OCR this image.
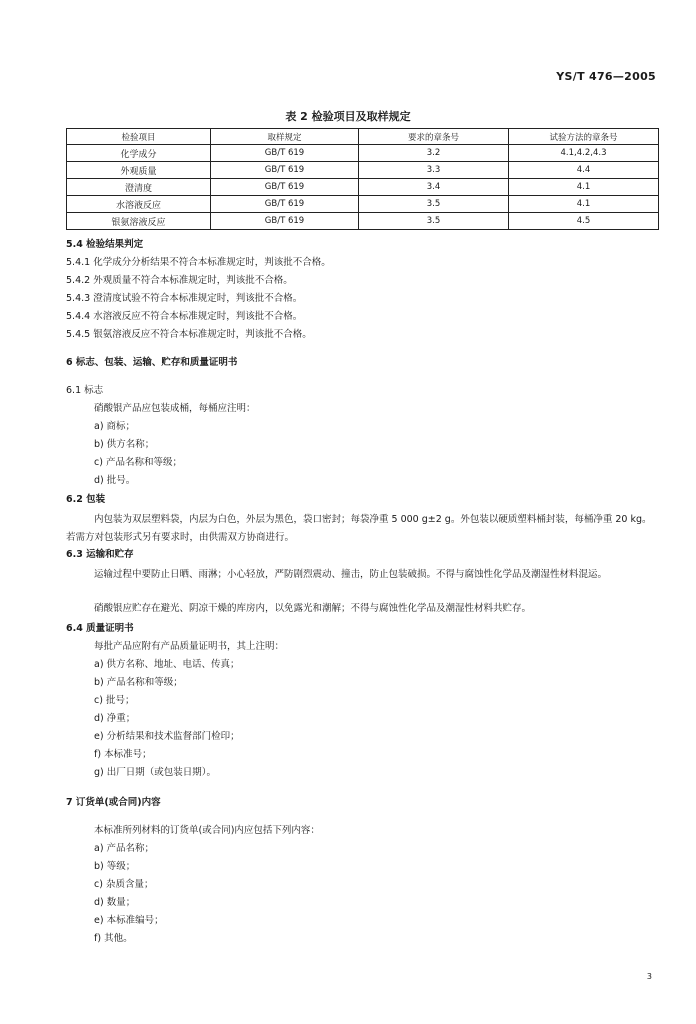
YS/T 476—2005
表 2 检验项目及取样规定
检验项目	取样规定	要求的章条号	试验方法的章条号
化学成分	GB/T 619	3.2	4.1,4.2,4.3
外观质量	GB/T 619	3.3	4.4
澄清度	GB/T 619	3.4	4.1
水溶液反应	GB/T 619	3.5	4.1
银氨溶液反应	GB/T 619	3.5	4.5
5.4 检验结果判定
5.4.1 化学成分分析结果不符合本标准规定时，判该批不合格。
5.4.2 外观质量不符合本标准规定时，判该批不合格。
5.4.3 澄清度试验不符合本标准规定时，判该批不合格。
5.4.4 水溶液反应不符合本标准规定时，判该批不合格。
5.4.5 银氨溶液反应不符合本标准规定时，判该批不合格。
6 标志、包装、运输、贮存和质量证明书
6.1 标志
硝酸银产品应包装成桶，每桶应注明：
a) 商标；
b) 供方名称；
c) 产品名称和等级；
d) 批号。
6.2 包装
内包装为双层塑料袋，内层为白色，外层为黑色，袋口密封；每袋净重 5 000 g±2 g。外包装以硬质塑料桶封装，每桶净重 20 kg。若需方对包装形式另有要求时，由供需双方协商进行。
6.3 运输和贮存
运输过程中要防止日晒、雨淋；小心轻放，严防剧烈震动、撞击，防止包装破损。不得与腐蚀性化学品及潮湿性材料混运。
硝酸银应贮存在避光、阴凉干燥的库房内，以免露光和潮解；不得与腐蚀性化学品及潮湿性材料共贮存。
6.4 质量证明书
每批产品应附有产品质量证明书，其上注明：
a) 供方名称、地址、电话、传真；
b) 产品名称和等级；
c) 批号；
d) 净重；
e) 分析结果和技术监督部门检印；
f) 本标准号；
g) 出厂日期（或包装日期）。
7 订货单(或合同)内容
本标准所列材料的订货单(或合同)内应包括下列内容：
a) 产品名称；
b) 等级；
c) 杂质含量；
d) 数量；
e) 本标准编号；
f) 其他。
3
